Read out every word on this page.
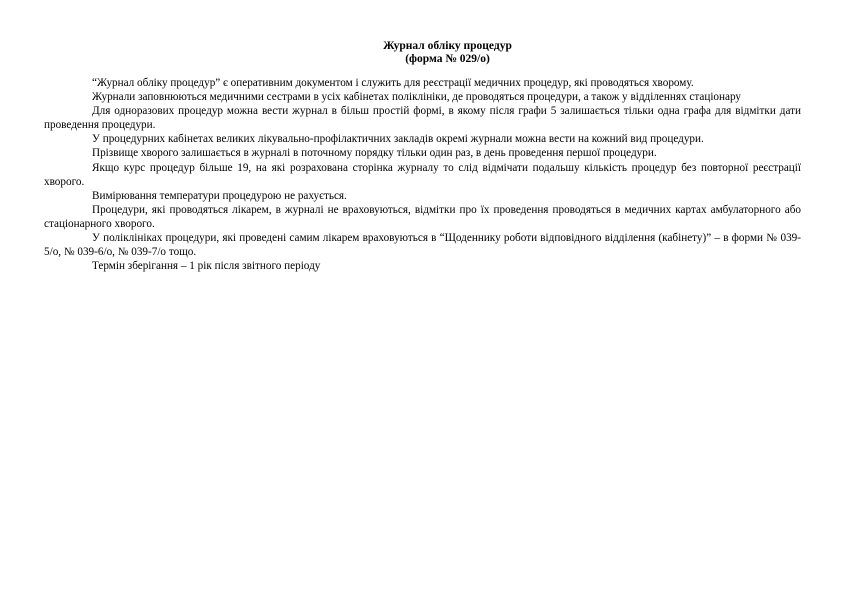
Журнал обліку процедур
(форма № 029/о)

“Журнал обліку процедур” є оперативним документом і служить для реєстрації медичних процедур, які проводяться хворому.

Журнали заповнюються медичними сестрами в усіх кабінетах поліклініки, де проводяться процедури, а також у відділеннях стаціонару

Для одноразових процедур можна вести журнал в більш простій формі, в якому після графи 5 залишається тільки одна графа для відмітки дати проведення процедури.

У процедурних кабінетах великих лікувально-профілактичних закладів окремі журнали можна вести на кожний вид процедури.

Прізвище хворого залишається в журналі в поточному порядку тільки один раз, в день проведення першої процедури.

Якщо курс процедур більше 19, на які розрахована сторінка журналу то слід відмічати подальшу кількість процедур без повторної реєстрації хворого.

Вимірювання температури процедурою не рахується.

Процедури, які проводяться лікарем, в журналі не враховуються, відмітки про їх проведення проводяться в медичних картах амбулаторного або стаціонарного хворого.

У поліклініках процедури, які проведені самим лікарем враховуються в “Щоденнику роботи відповідного відділення (кабінету)” – в форми № 039-5/о, № 039-6/о, № 039-7/о тощо.

Термін зберігання – 1 рік після звітного періоду
